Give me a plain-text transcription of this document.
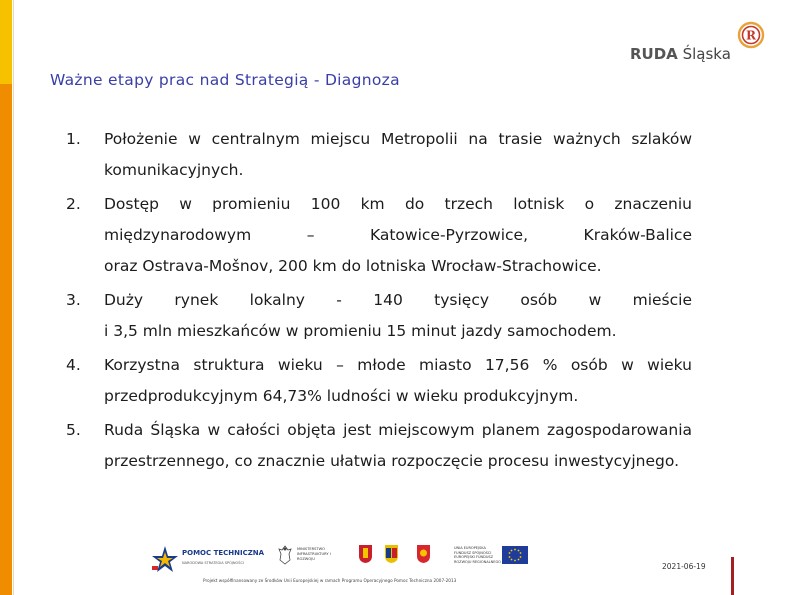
R
RUDA Śląska
Ważne etapy prac nad Strategią - Diagnoza
1. Położenie w centralnym miejscu Metropolii na trasie ważnych szlaków komunikacyjnych.
2. Dostęp w promieniu 100 km do trzech lotnisk o znaczeniu
międzynarodowym – Katowice-Pyrzowice, Kraków-Balice
oraz Ostrava-Mošnov, 200 km do lotniska Wrocław-Strachowice.
3. Duży rynek lokalny - 140 tysięcy osób w mieście
i 3,5 mln mieszkańców w promieniu 15 minut jazdy samochodem.
4. Korzystna struktura wieku – młode miasto 17,56 % osób w wieku przedprodukcyjnym 64,73% ludności w wieku produkcyjnym.
5. Ruda Śląska w całości objęta jest miejscowym planem zagospodarowania przestrzennego, co znacznie ułatwia rozpoczęcie procesu inwestycyjnego.
POMOC TECHNICZNA
NARODOWA STRATEGIA SPÓJNOŚCI
MINISTERSTWO INFRASTRUKTURY I ROZWOJU
UNIA EUROPEJSKA FUNDUSZ SPÓJNOŚCI EUROPEJSKI FUNDUSZ ROZWOJU REGIONALNEGO
Projekt współfinansowany ze Środków Unii Europejskiej w ramach Programu Operacyjnego Pomoc Techniczna 2007-2013
2021-06-19
